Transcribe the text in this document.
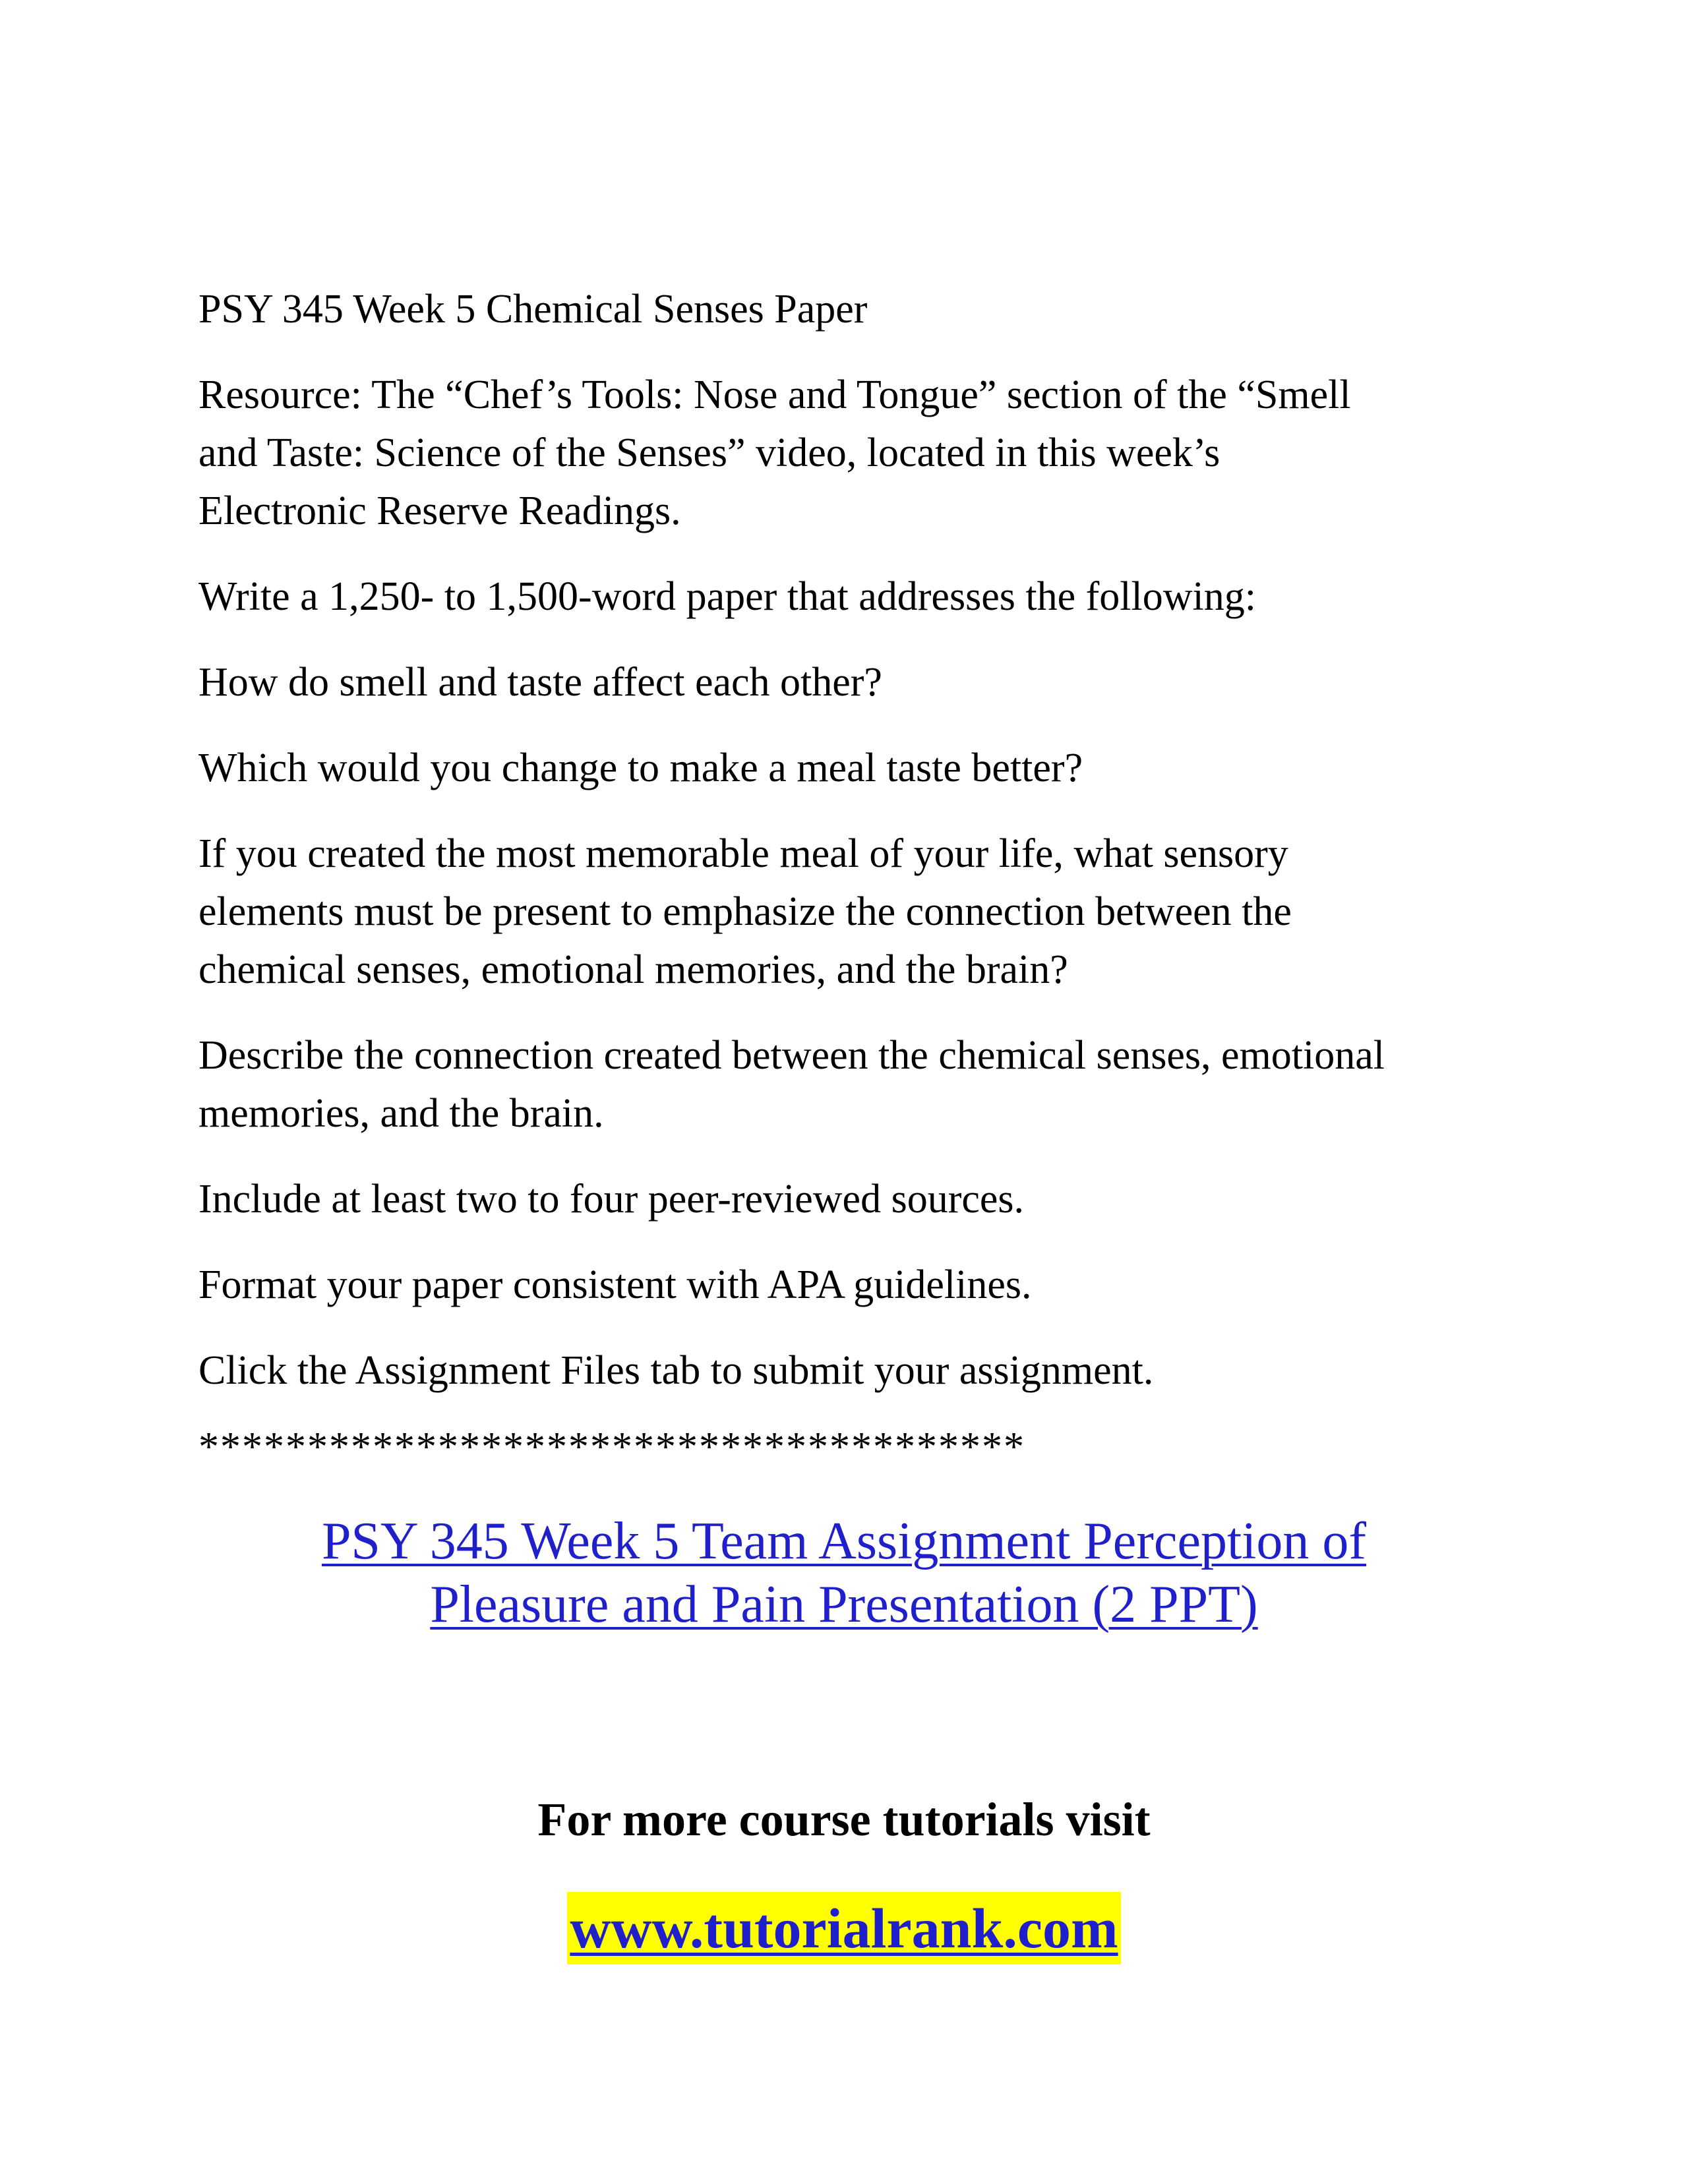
PSY 345 Week 5 Chemical Senses Paper
Resource: The “Chef’s Tools: Nose and Tongue” section of the “Smell
and Taste: Science of the Senses” video, located in this week’s
Electronic Reserve Readings.
Write a 1,250- to 1,500-word paper that addresses the following:
How do smell and taste affect each other?
Which would you change to make a meal taste better?
If you created the most memorable meal of your life, what sensory
elements must be present to emphasize the connection between the
chemical senses, emotional memories, and the brain?
Describe the connection created between the chemical senses, emotional
memories, and the brain.
Include at least two to four peer-reviewed sources.
Format your paper consistent with APA guidelines.
Click the Assignment Files tab to submit your assignment.
**************************************
PSY 345 Week 5 Team Assignment Perception of
Pleasure and Pain Presentation (2 PPT)
For more course tutorials visit
www.tutorialrank.com
